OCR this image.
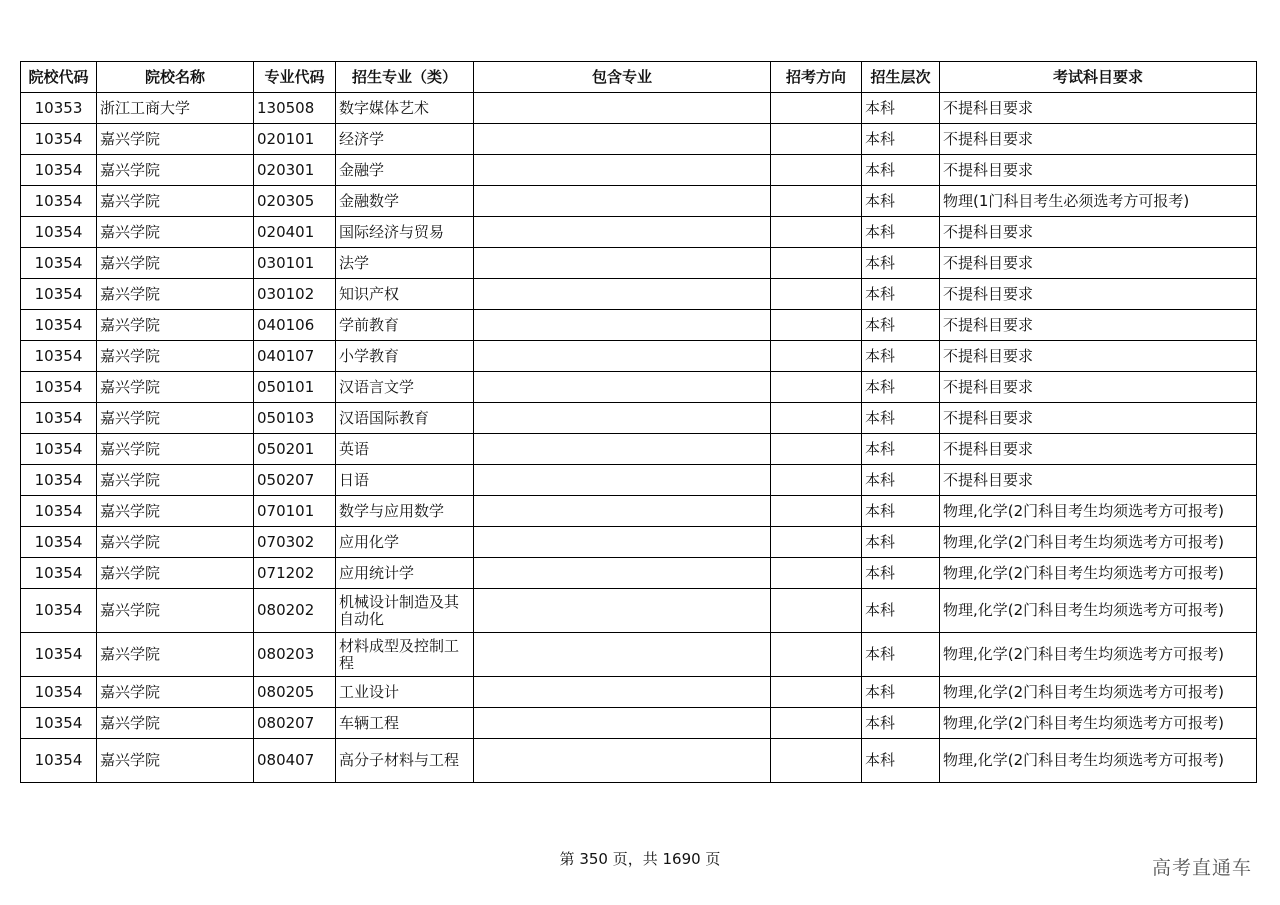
院校代码	院校名称	专业代码	招生专业（类）	包含专业	招考方向	招生层次	考试科目要求
10353	浙江工商大学	130508	数字媒体艺术			本科	不提科目要求
10354	嘉兴学院	020101	经济学			本科	不提科目要求
10354	嘉兴学院	020301	金融学			本科	不提科目要求
10354	嘉兴学院	020305	金融数学			本科	物理(1门科目考生必须选考方可报考)
10354	嘉兴学院	020401	国际经济与贸易			本科	不提科目要求
10354	嘉兴学院	030101	法学			本科	不提科目要求
10354	嘉兴学院	030102	知识产权			本科	不提科目要求
10354	嘉兴学院	040106	学前教育			本科	不提科目要求
10354	嘉兴学院	040107	小学教育			本科	不提科目要求
10354	嘉兴学院	050101	汉语言文学			本科	不提科目要求
10354	嘉兴学院	050103	汉语国际教育			本科	不提科目要求
10354	嘉兴学院	050201	英语			本科	不提科目要求
10354	嘉兴学院	050207	日语			本科	不提科目要求
10354	嘉兴学院	070101	数学与应用数学			本科	物理,化学(2门科目考生均须选考方可报考)
10354	嘉兴学院	070302	应用化学			本科	物理,化学(2门科目考生均须选考方可报考)
10354	嘉兴学院	071202	应用统计学			本科	物理,化学(2门科目考生均须选考方可报考)
10354	嘉兴学院	080202	机械设计制造及其自动化			本科	物理,化学(2门科目考生均须选考方可报考)
10354	嘉兴学院	080203	材料成型及控制工程			本科	物理,化学(2门科目考生均须选考方可报考)
10354	嘉兴学院	080205	工业设计			本科	物理,化学(2门科目考生均须选考方可报考)
10354	嘉兴学院	080207	车辆工程			本科	物理,化学(2门科目考生均须选考方可报考)
10354	嘉兴学院	080407	高分子材料与工程			本科	物理,化学(2门科目考生均须选考方可报考)
第 350 页，共 1690 页	高考直通车
